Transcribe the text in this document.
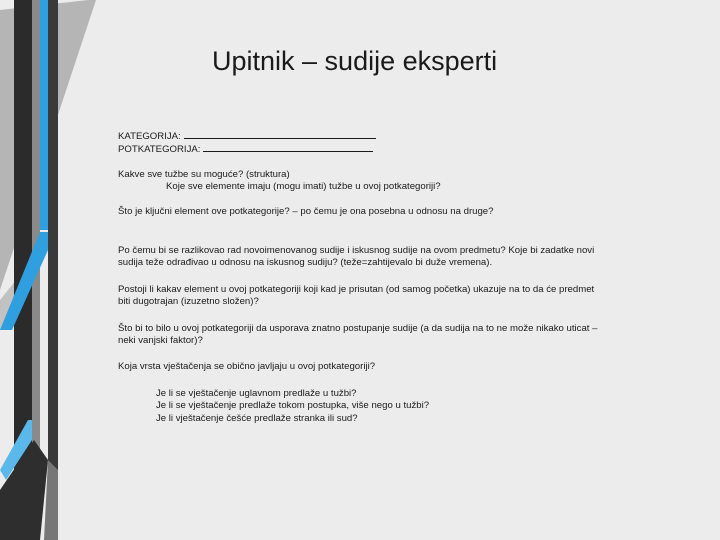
Upitnik – sudije eksperti

KATEGORIJA:

POTKATEGORIJA:

Kakve sve tužbe su moguće? (struktura)

Koje sve elemente imaju (mogu imati) tužbe u ovoj potkategoriji?

Što je ključni element ove potkategorije? – po čemu je ona posebna u odnosu na druge?

Po čemu bi se razlikovao rad novoimenovanog sudije i iskusnog sudije na ovom predmetu? Koje bi zadatke novi sudija teže odrađivao u odnosu na iskusnog sudiju? (teže=zahtijevalo bi duže vremena).

Postoji li kakav element u ovoj potkategoriji koji kad je prisutan (od samog početka) ukazuje na to da će predmet biti dugotrajan (izuzetno složen)?

Što bi to bilo u ovoj potkategoriji da usporava znatno postupanje sudije (a da sudija na to ne može nikako uticat – neki vanjski faktor)?

Koja vrsta vještačenja se obično javljaju u ovoj potkategoriji?

Je li se vještačenje uglavnom predlaže u tužbi?

Je li se vještačenje predlaže tokom postupka, više nego u tužbi?

Je li vještačenje češće predlaže stranka ili sud?
